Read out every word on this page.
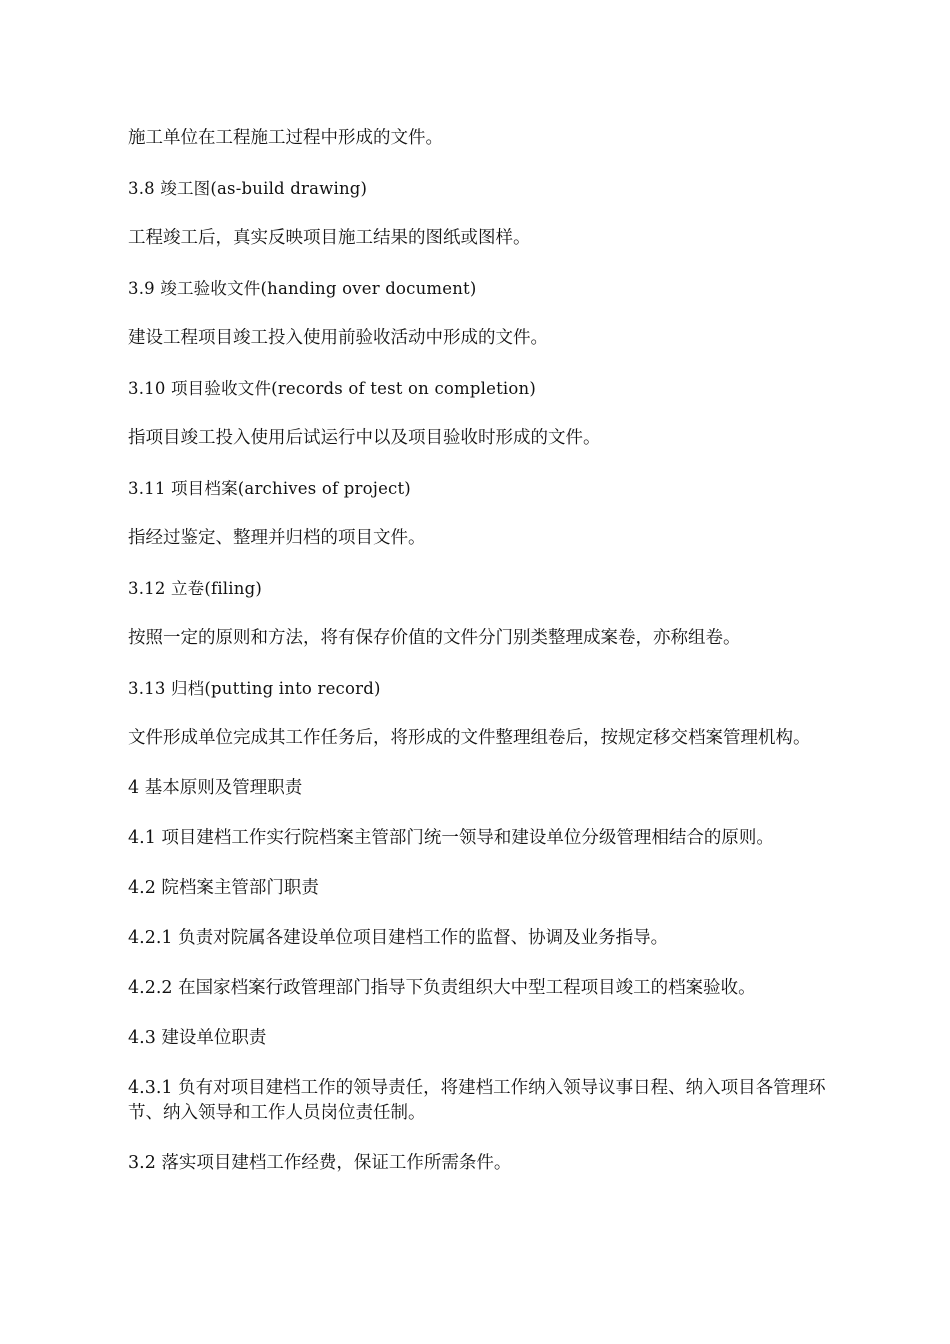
施工单位在工程施工过程中形成的文件。

3.8 竣工图(as-build drawing)

工程竣工后，真实反映项目施工结果的图纸或图样。

3.9 竣工验收文件(handing over document)

建设工程项目竣工投入使用前验收活动中形成的文件。

3.10 项目验收文件(records of test on completion)

指项目竣工投入使用后试运行中以及项目验收时形成的文件。

3.11 项目档案(archives of project)

指经过鉴定、整理并归档的项目文件。

3.12 立卷(filing)

按照一定的原则和方法，将有保存价值的文件分门别类整理成案卷，亦称组卷。

3.13 归档(putting into record)

文件形成单位完成其工作任务后，将形成的文件整理组卷后，按规定移交档案管理机构。

4 基本原则及管理职责

4.1 项目建档工作实行院档案主管部门统一领导和建设单位分级管理相结合的原则。

4.2 院档案主管部门职责

4.2.1 负责对院属各建设单位项目建档工作的监督、协调及业务指导。

4.2.2 在国家档案行政管理部门指导下负责组织大中型工程项目竣工的档案验收。

4.3 建设单位职责

4.3.1 负有对项目建档工作的领导责任，将建档工作纳入领导议事日程、纳入项目各管理环节、纳入领导和工作人员岗位责任制。

3.2 落实项目建档工作经费，保证工作所需条件。
